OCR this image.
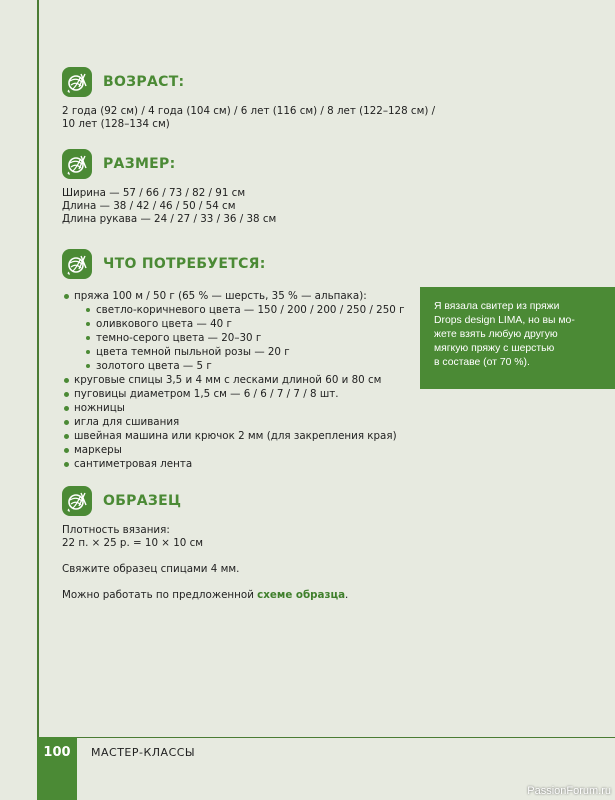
ВОЗРАСТ:

2 года (92 см) / 4 года (104 см) / 6 лет (116 см) / 8 лет (122–128 см) /

10 лет (128–134 см)

РАЗМЕР:

Ширина — 57 / 66 / 73 / 82 / 91 см

Длина — 38 / 42 / 46 / 50 / 54 см

Длина рукава — 24 / 27 / 33 / 36 / 38 см

ЧТО ПОТРЕБУЕТСЯ:
пряжа 100 м / 50 г (65 % — шерсть, 35 % — альпака):
светло-коричневого цвета — 150 / 200 / 200 / 250 / 250 г
оливкового цвета — 40 г
темно-серого цвета — 20–30 г
цвета темной пыльной розы — 20 г
золотого цвета — 5 г
круговые спицы 3,5 и 4 мм с лесками длиной 60 и 80 см
пуговицы диаметром 1,5 см — 6 / 6 / 7 / 7 / 8 шт.
ножницы
игла для сшивания
швейная машина или крючок 2 мм (для закрепления края)
маркеры
сантиметровая лента
Я вязала свитер из пряжи
Drops design LIMA, но вы мо-
жете взять любую другую
мягкую пряжу с шерстью
в составе (от 70 %).
ОБРАЗЕЦ

Плотность вязания:

22 п. × 25 р. = 10 × 10 см

Свяжите образец спицами 4 мм.

Можно работать по предложенной схеме образца.

100	МАСТЕР-КЛАССЫ
PassionForum.ru
